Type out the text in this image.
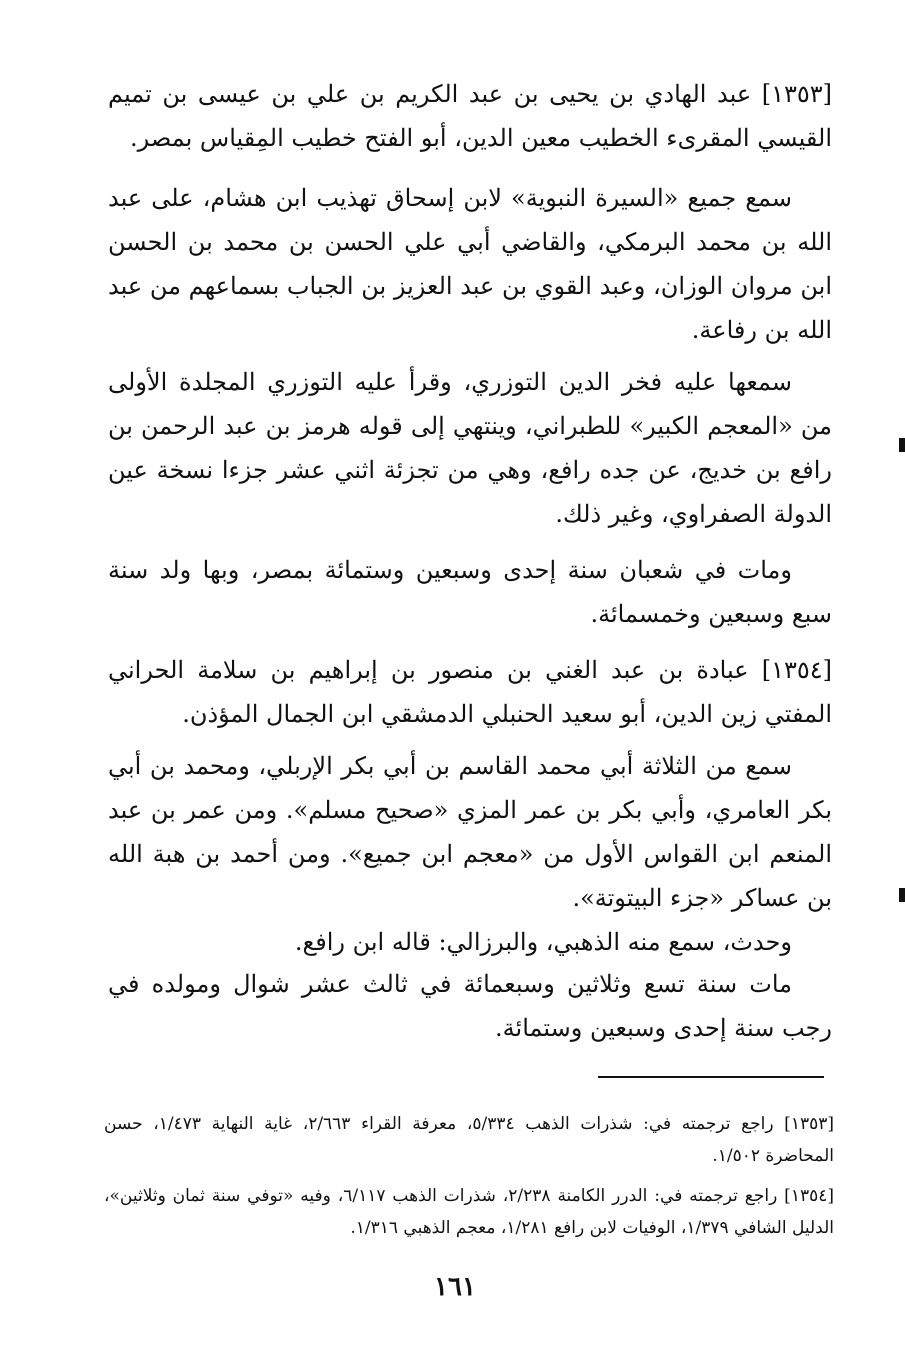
[١٣٥٣] عبد الهادي بن يحيى بن عبد الكريم بن علي بن عيسى بن تميم القيسي المقرىء الخطيب معين الدين، أبو الفتح خطيب المِقياس بمصر.

سمع جميع «السيرة النبوية» لابن إسحاق تهذيب ابن هشام، على عبد الله بن محمد البرمكي، والقاضي أبي علي الحسن بن محمد بن الحسن ابن مروان الوزان، وعبد القوي بن عبد العزيز بن الجباب بسماعهم من عبد الله بن رفاعة.

سمعها عليه فخر الدين التوزري، وقرأ عليه التوزري المجلدة الأولى من «المعجم الكبير» للطبراني، وينتهي إلى قوله هرمز بن عبد الرحمن بن رافع بن خديج، عن جده رافع، وهي من تجزئة اثني عشر جزءا نسخة عين الدولة الصفراوي، وغير ذلك.

ومات في شعبان سنة إحدى وسبعين وستمائة بمصر، وبها ولد سنة سبع وسبعين وخمسمائة.

[١٣٥٤] عبادة بن عبد الغني بن منصور بن إبراهيم بن سلامة الحراني المفتي زين الدين، أبو سعيد الحنبلي الدمشقي ابن الجمال المؤذن.

سمع من الثلاثة أبي محمد القاسم بن أبي بكر الإربلي، ومحمد بن أبي بكر العامري، وأبي بكر بن عمر المزي «صحيح مسلم». ومن عمر بن عبد المنعم ابن القواس الأول من «معجم ابن جميع». ومن أحمد بن هبة الله بن عساكر «جزء البيتوتة».

وحدث، سمع منه الذهبي، والبرزالي: قاله ابن رافع.

مات سنة تسع وثلاثين وسبعمائة في ثالث عشر شوال ومولده في رجب سنة إحدى وسبعين وستمائة.

[١٣٥٣] راجع ترجمته في: شذرات الذهب ٥/٣٣٤، معرفة القراء ٢/٦٦٣، غاية النهاية ١/٤٧٣، حسن المحاضرة ١/٥٠٢.

[١٣٥٤] راجع ترجمته في: الدرر الكامنة ٢/٢٣٨، شذرات الذهب ٦/١١٧، وفيه «توفي سنة ثمان وثلاثين»، الدليل الشافي ١/٣٧٩، الوفيات لابن رافع ١/٢٨١، معجم الذهبي ١/٣١٦.

١٦١
